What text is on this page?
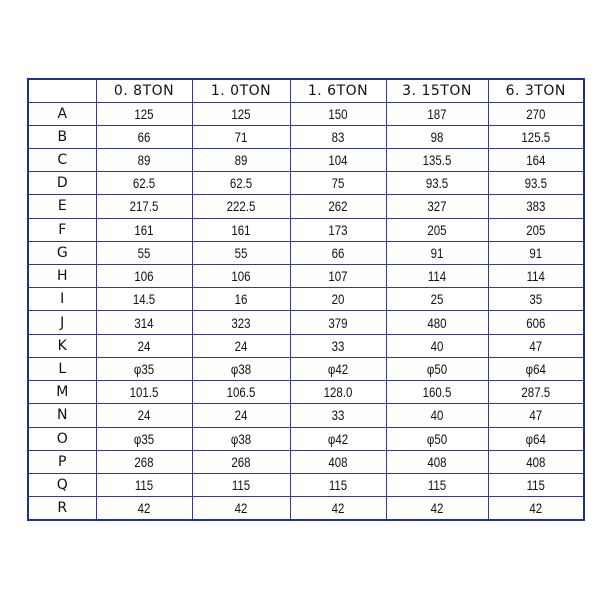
	0. 8TON	1. 0TON	1. 6TON	3. 15TON	6. 3TON
A	125	125	150	187	270
B	66	71	83	98	125.5
C	89	89	104	135.5	164
D	62.5	62.5	75	93.5	93.5
E	217.5	222.5	262	327	383
F	161	161	173	205	205
G	55	55	66	91	91
H	106	106	107	114	114
I	14.5	16	20	25	35
J	314	323	379	480	606
K	24	24	33	40	47
L	φ35	φ38	φ42	φ50	φ64
M	101.5	106.5	128.0	160.5	287.5
N	24	24	33	40	47
O	φ35	φ38	φ42	φ50	φ64
P	268	268	408	408	408
Q	115	115	115	115	115
R	42	42	42	42	42
